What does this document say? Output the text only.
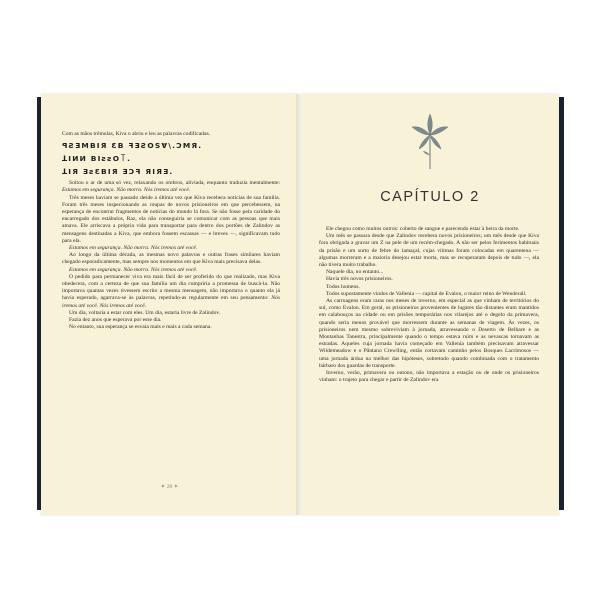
Com as mãos trêmulas, Kiva o abriu e leu as palavras codificadas.

ꟼƧƎMBIЯ ƐB ꟻƎƧOSⱯ\.ƆMЯ.
ꓕIИИ BIƨƨO꓄.
ꓕIЯ ƎƨƐBIЯ ƎƆꟻ ЯIЯƎ.

Soltou o ar de uma só vez, relaxando os ombros, aliviada, enquanto traduzia mentalmente: Estamos em segurança. Não morra. Nós iremos até você.

Três meses haviam se passado desde a última vez que Kiva recebera notícias de sua família. Foram três meses inspecionando as roupas de novos prisioneiros em que percebessem, na esperança de encontrar fragmentos de notícias do mundo lá fora. Se não fosse pela caridade do encarregado dos estábulos, Raz, ela não conseguiria se comunicar com as pessoas que mais amava. Ele arriscava a própria vida para transportar para dentro dos portões de Zalindov as mensagens destinadas a Kiva, que embora fossem escassas — e breves —, significavam tudo para ela.

Estamos em segurança. Não morra. Nós iremos até você.

Ao longo da última década, as mesmas novo palavras e outras frases similares haviam chegado esporadicamente, mas sempre nos momentos em que Kiva mais precisava delas.

Estamos em segurança. Não morra. Nós iremos até você.

O pedido para permanecer viva era mais fácil de ser proferido do que realizado, mas Kiva obedecera, com a certeza de que sua família um dia cumpriria a promessa de buscá-la. Não importava quantas vezes tivessem escrito a mesma mensagem, não importava o quanto ela já havia esperado, agarrava-se às palavras, repetindo-as regularmente em seu pensamento: Nós iremos até você. Nós iremos até você.

Um dia, voltaria a estar com eles. Um dia, estaria livre de Zalindov.

Fazia dez anos que esperava por esse dia.

No entanto, sua esperança se esvaía mais e mais a cada semana.

✦ 20 ✦
CAPÍTULO 2

Ele chegou como muitos outros: coberto de sangue e parecendo estar à beira da morte.

Um mês se passara desde que Zalindov recebera novos prisioneiros; um mês desde que Kiva fora obrigada a gravar um Z na pele de um recém-chegado. A não ser pelos ferimentos habituais da prisão e um surto de febre do lamaçal, cujas vítimas foram colocadas em quarentena — algumas morreram e a maioria desejou estar morta, mas se recuperaram depois de tudo —, ela não tivera muito trabalho.

Naquele dia, no entanto...

Havia três novos prisioneiros.

Todos homens.

Todos supostamente vindos de Vallenia — capital de Evalon, o maior reino de Wenderall.

As carruagens eram raras nos meses de inverno, em especial as que vinham de territórios do sul, como Evalon. Em geral, os prisioneiros provenientes de lugares tão distantes eram mantidos em calabouços na cidade ou em prisões temporárias nos vilarejos até o degelo da primavera, quando seria menos provável que morressem durante as semanas de viagem. Às vezes, os prisioneiros nem mesmo sobreviviam à jornada, atravessando o Deserto de Belhare e as Montanhas Tanestra, principalmente quando o tempo estava ruim e as nevascas tornavam as estradas. Aqueles cuja jornada havia começado em Vallenia também precisavam atravessar Wildemeadow e o Pântano Crewlling, então cortavam caminho pelos Bosques Lacrimosos — uma jornada árdua na melhor das hipóteses, sobretudo quando combinada com o tratamento bárbaro dos guardas de transporte.

Inverno, verão, primavera ou outono, não importava a estação ou de onde os prisioneiros vinham: o trajeto para chegar e partir de Zalindov era
